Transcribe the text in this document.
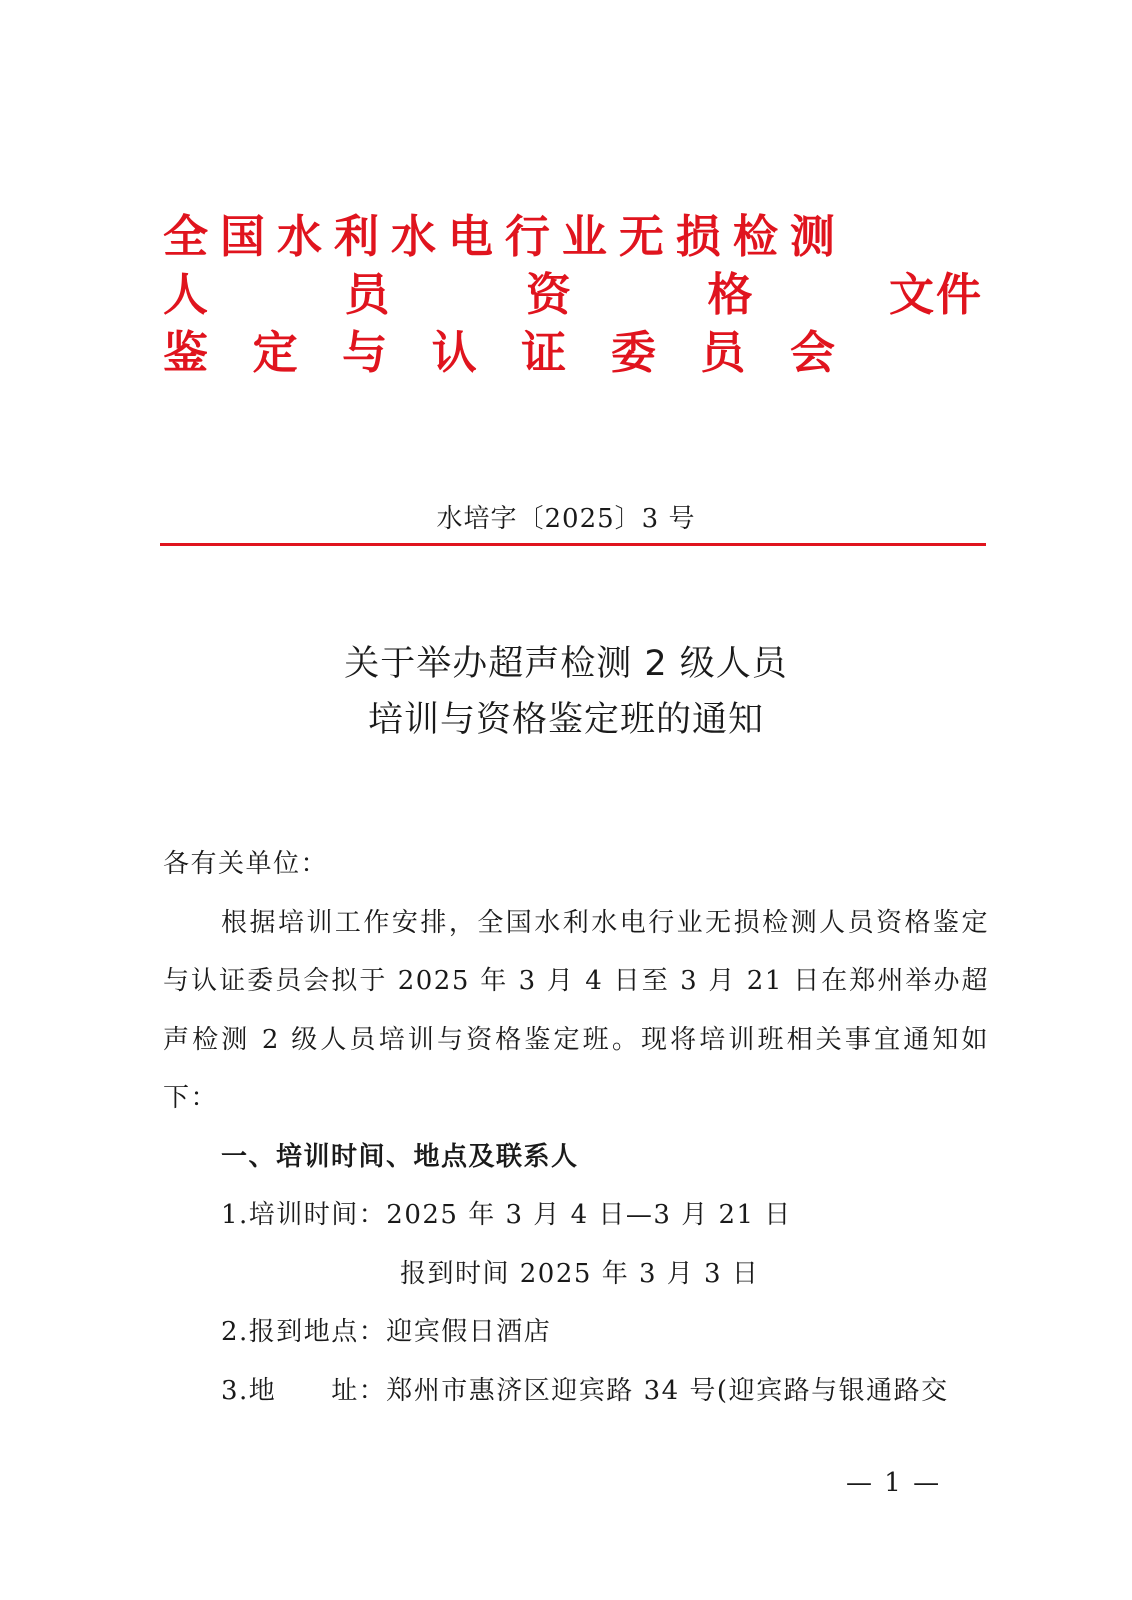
全 国 水 利 水 电 行 业 无 损 检 测
人	员	资	格	文件
鉴 定 与 认 证 委 员 会
水培字〔2025〕3 号
关于举办超声检测 2 级人员
培训与资格鉴定班的通知

各有关单位：

根据培训工作安排，全国水利水电行业无损检测人员资格鉴定与认证委员会拟于 2025 年 3 月 4 日至 3 月 21 日在郑州举办超声检测 2 级人员培训与资格鉴定班。现将培训班相关事宜通知如下：

一、培训时间、地点及联系人

1.培训时间：2025 年 3 月 4 日—3 月 21 日

报到时间 2025 年 3 月 3 日

2.报到地点：迎宾假日酒店

3.地　　址：郑州市惠济区迎宾路 34 号(迎宾路与银通路交

— 1 —
